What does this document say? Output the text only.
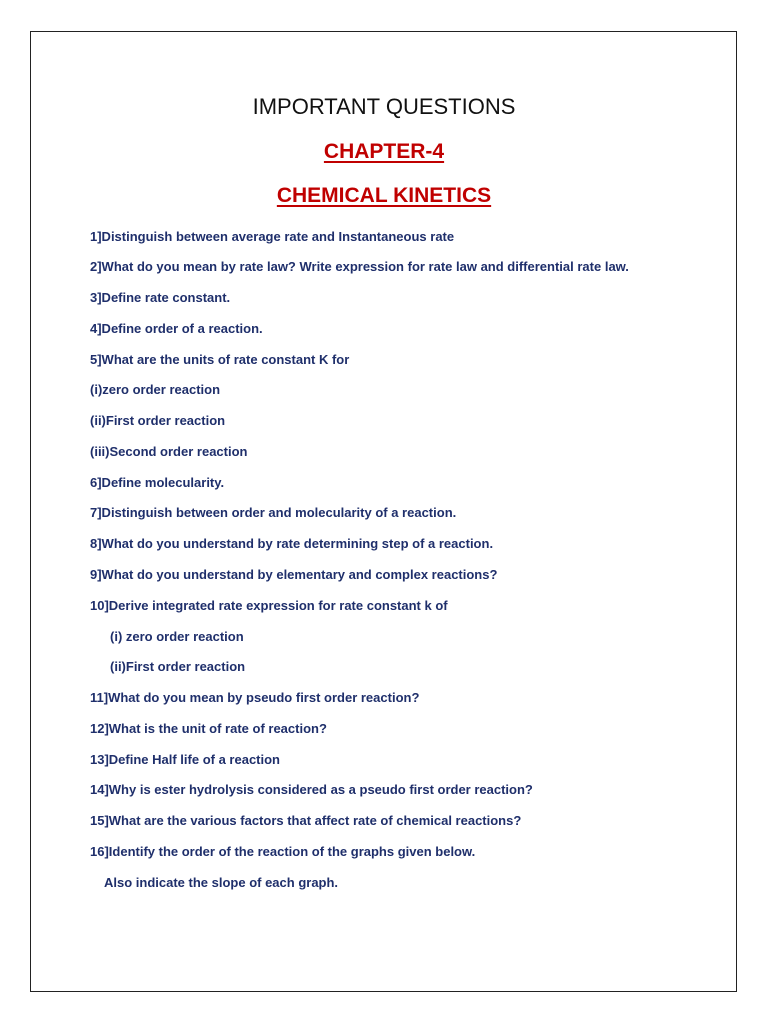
IMPORTANT QUESTIONS
CHAPTER-4
CHEMICAL KINETICS
1]Distinguish between average rate and Instantaneous rate
2]What do you mean by rate law? Write expression for rate law and differential rate law.
3]Define rate constant.
4]Define order of a reaction.
5]What are the units of rate constant K for
(i)zero order reaction
(ii)First order reaction
(iii)Second order reaction
6]Define molecularity.
7]Distinguish between order and molecularity of a reaction.
8]What do you understand by rate determining step of a reaction.
9]What do you understand by elementary and complex reactions?
10]Derive integrated rate expression for rate constant k of
(i) zero order reaction
(ii)First order reaction
11]What do you mean by pseudo first order reaction?
12]What is the unit of rate of reaction?
13]Define Half life of a reaction
14]Why is ester hydrolysis considered as a pseudo first order reaction?
15]What are the various factors that affect rate of chemical reactions?
16]Identify the order of the reaction of the graphs given below.
Also indicate the slope of each graph.
